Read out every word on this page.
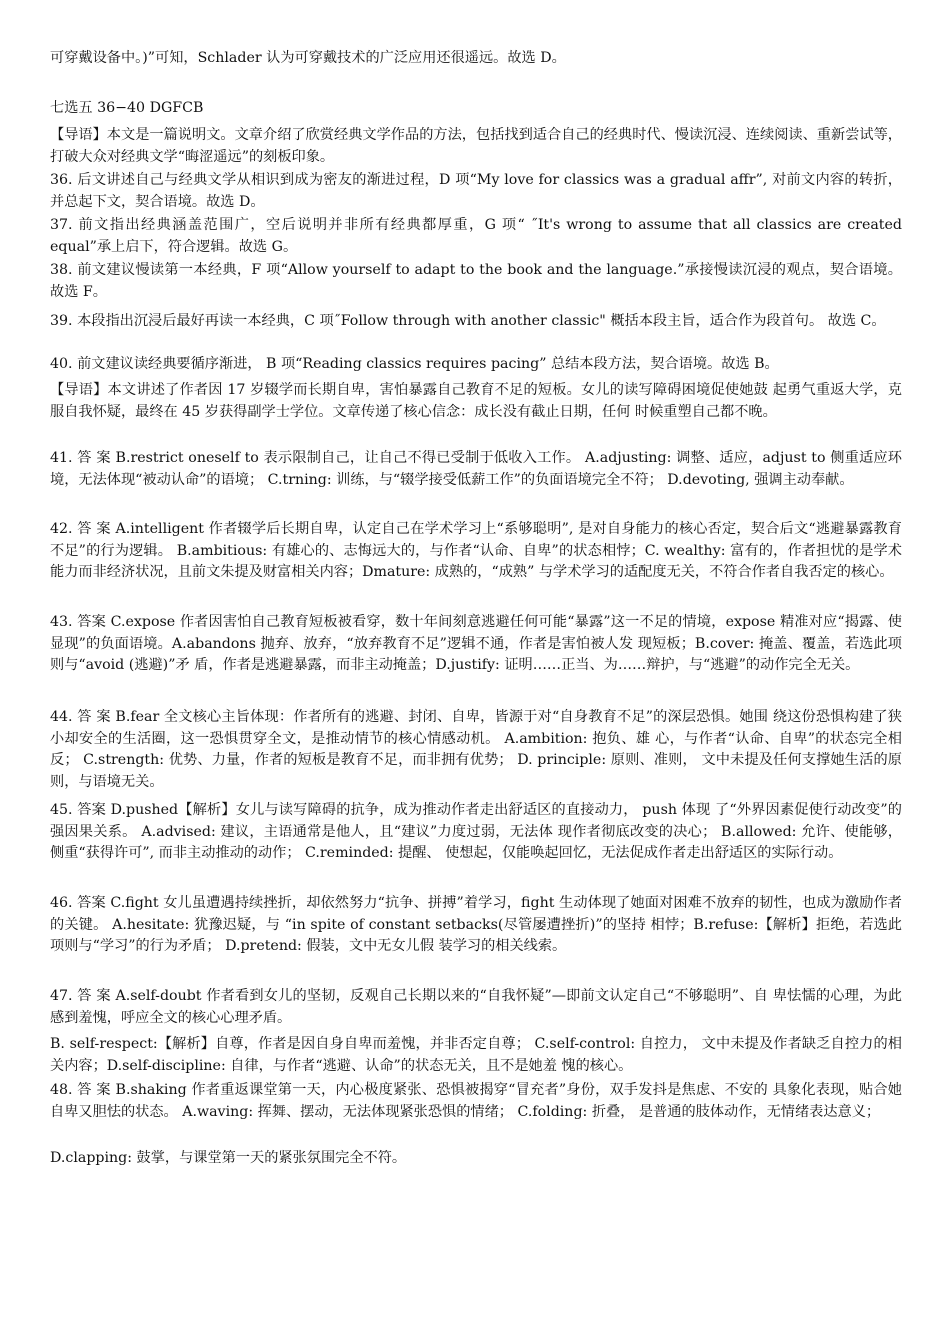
可穿戴设备中。)”可知，Schlader 认为可穿戴技术的广泛应用还很遥远。故选 D。

七选五 36−40 DGFCB

【导语】本文是一篇说明文。文章介绍了欣赏经典文学作品的方法，包括找到适合自己的经典时代、慢读沉浸、连续阅读、重新尝试等，打破大众对经典文学“晦涩遥远”的刻板印象。

36. 后文讲述自己与经典文学从相识到成为密友的渐进过程，D 项“My love for classics was a gradual affr”, 对前文内容的转折，并总起下文，契合语境。故选 D。

37. 前文指出经典涵盖范围广，空后说明并非所有经典都厚重，G 项“ ˝It's wrong to assume that all classics are created equal”承上启下，符合逻辑。故选 G。

38. 前文建议慢读第一本经典，F 项“Allow yourself to adapt to the book and the language.”承接慢读沉浸的观点，契合语境。故选 F。

39. 本段指出沉浸后最好再读一本经典，C 项˝Follow through with another classic" 概括本段主旨，适合作为段首句。 故选 C。

40. 前文建议读经典要循序渐进， B 项“Reading classics requires pacing” 总结本段方法，契合语境。故选 B。

【导语】本文讲述了作者因 17 岁辍学而长期自卑，害怕暴露自己教育不足的短板。女儿的读写障碍困境促使她鼓 起勇气重返大学，克服自我怀疑，最终在 45 岁获得副学士学位。文章传递了核心信念：成长没有截止日期，任何 时候重塑自己都不晚。

41. 答 案 B.restrict oneself to 表示限制自己，让自己不得已受制于低收入工作。 A.adjusting: 调整、适应，adjust to 侧重适应环境，无法体现“被动认命”的语境； C.trning: 训练，与“辍学接受低薪工作”的负面语境完全不符； D.devoting, 强调主动奉献。

42. 答 案 A.intelligent 作者辍学后长期自卑，认定自己在学术学习上“系够聪明”, 是对自身能力的核心否定，契合后文“逃避暴露教育不足”的行为逻辑。 B.ambitious: 有雄心的、志悔远大的，与作者“认命、自卑”的状态相悖；C. wealthy: 富有的，作者担忧的是学术能力而非经济状况，且前文朱提及财富相关内容；Dmature: 成熟的，“成熟” 与学术学习的适配度无关，不符合作者自我否定的核心。

43. 答案 C.expose 作者因害怕自己教育短板被看穿，数十年间刻意逃避任何可能“暴露”这一不足的情境，expose 精准对应“揭露、使显现”的负面语境。A.abandons 抛弃、放弃，“放弃教育不足”逻辑不通，作者是害怕被人发 现短板；B.cover: 掩盖、覆盖，若选此项则与“avoid (逃避)”矛 盾，作者是逃避暴露，而非主动掩盖；D.justify: 证明……正当、为……辩护，与“逃避”的动作完全无关。

44. 答 案 B.fear 全文核心主旨体现：作者所有的逃避、封闭、自卑，皆源于对“自身教育不足”的深层恐惧。她围 绕这份恐惧构建了狭小却安全的生活圈，这一恐惧贯穿全文，是推动情节的核心情感动机。 A.ambition: 抱负、雄 心，与作者“认命、自卑”的状态完全相反； C.strength: 优势、力量，作者的短板是教育不足，而非拥有优势； D. principle: 原则、准则， 文中未提及任何支撑她生活的原则，与语境无关。

45. 答案 D.pushed【解析】女儿与读写障碍的抗争，成为推动作者走出舒适区的直接动力， push 体现 了“外界因素促使行动改变”的强因果关系。 A.advised: 建议，主语通常是他人，且“建议”力度过弱，无法体 现作者彻底改变的决心； B.allowed: 允许、使能够，侧重“获得许可”, 而非主动推动的动作； C.reminded: 提醒、 使想起，仅能唤起回忆，无法促成作者走出舒适区的实际行动。

46. 答案 C.fight 女儿虽遭遇持续挫折，却依然努力“抗争、拼搏”着学习，fight 生动体现了她面对困难不放弃的韧性，也成为激励作者的关键。 A.hesitate: 犹豫迟疑，与 “in spite of constant setbacks(尽管屡遭挫折)”的坚持 相悖；B.refuse:【解析】拒绝，若选此项则与“学习”的行为矛盾； D.pretend: 假装，文中无女儿假 装学习的相关线索。

47. 答 案 A.self-doubt 作者看到女儿的坚韧，反观自己长期以来的“自我怀疑”—即前文认定自己“不够聪明”、自 卑怯懦的心理，为此感到羞愧，呼应全文的核心心理矛盾。

B. self-respect:【解析】自尊，作者是因自身自卑而羞愧，并非否定自尊； C.self-control: 自控力， 文中未提及作者缺乏自控力的相关内容；D.self-discipline: 自律，与作者“逃避、认命”的状态无关，且不是她羞 愧的核心。

48. 答 案 B.shaking 作者重返课堂第一天，内心极度紧张、恐惧被揭穿“冒充者”身份，双手发抖是焦虑、不安的 具象化表现，贴合她自卑又胆怯的状态。 A.waving: 挥舞、摆动，无法体现紧张恐惧的情绪； C.folding: 折叠， 是普通的肢体动作，无情绪表达意义；

D.clapping: 鼓掌，与课堂第一天的紧张氛围完全不符。
